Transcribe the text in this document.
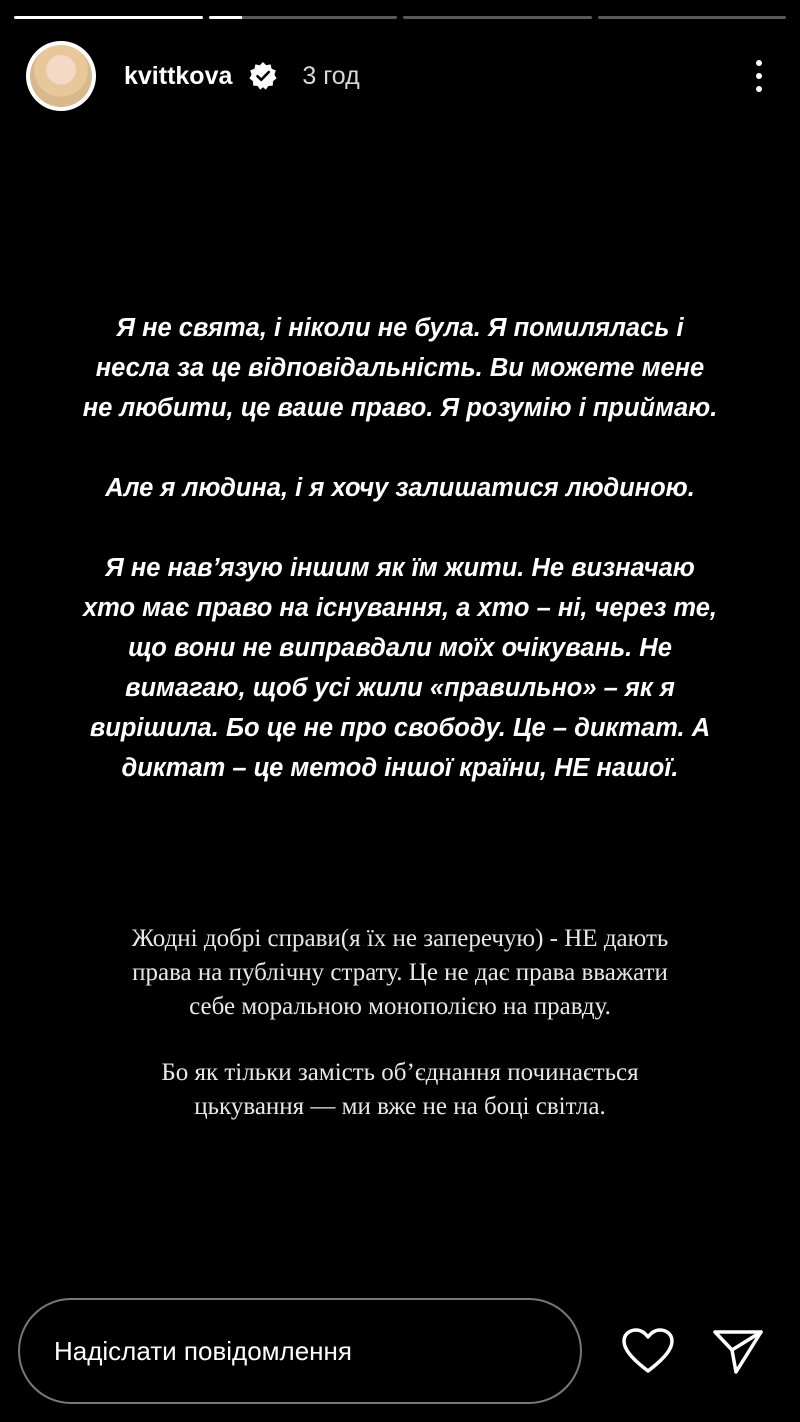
kvittkova	3 год

Я не свята, і ніколи не була. Я помилялась і
несла за це відповідальність. Ви можете мене
не любити, це ваше право. Я розумію і приймаю.

Але я людина, і я хочу залишатися людиною.

Я не нав’язую іншим як їм жити. Не визначаю
хто має право на існування, а хто – ні, через те,
що вони не виправдали моїх очікувань. Не
вимагаю, щоб усі жили «правильно» – як я
вирішила. Бо це не про свободу. Це – диктат. А
диктат – це метод іншої країни, НЕ нашої.

Жодні добрі справи(я їх не заперечую) - НЕ дають
права на публічну страту. Це не дає права вважати
себе моральною монополією на правду.

Бо як тільки замість об’єднання починається
цькування — ми вже не на боці світла.

Надіслати повідомлення
